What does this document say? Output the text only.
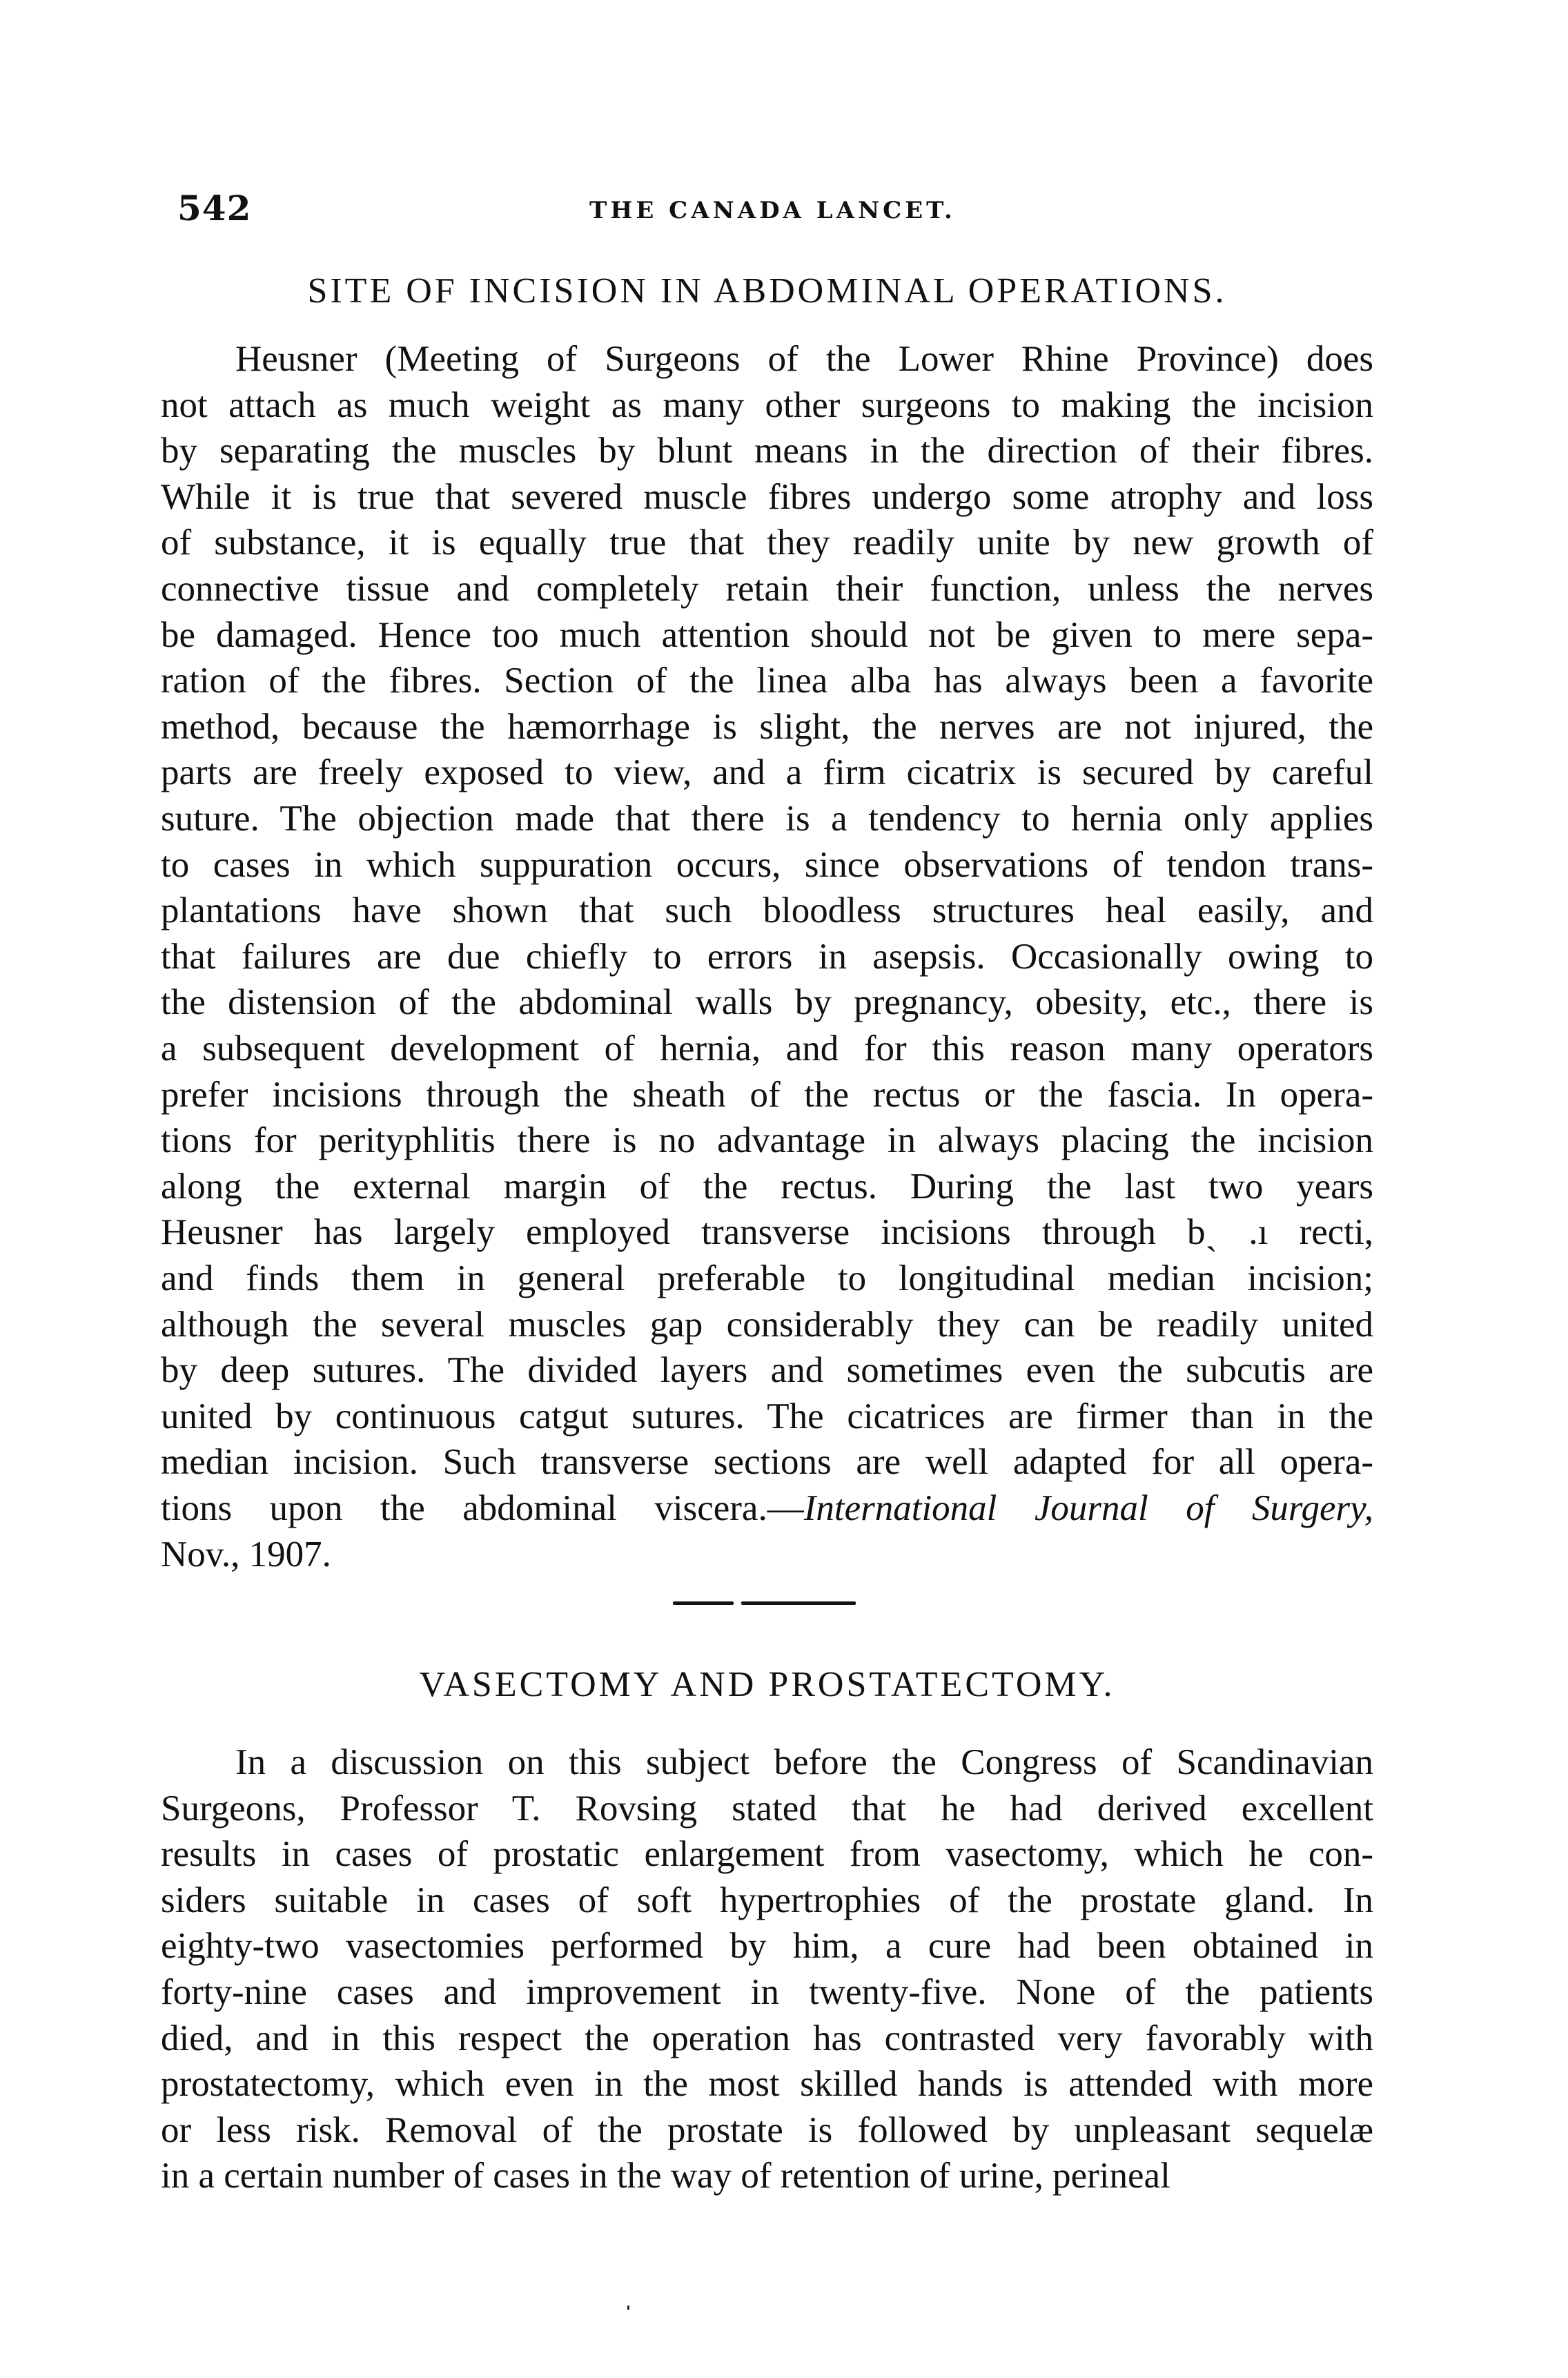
542	THE CANADA LANCET.
SITE OF INCISION IN ABDOMINAL OPERATIONS.
Heusner (Meeting of Surgeons of the Lower Rhine Province) does
not attach as much weight as many other surgeons to making the incision
by separating the muscles by blunt means in the direction of their fibres.
While it is true that severed muscle fibres undergo some atrophy and loss
of substance, it is equally true that they readily unite by new growth of
connective tissue and completely retain their function, unless the nerves
be damaged. Hence too much attention should not be given to mere sepa-
ration of the fibres. Section of the linea alba has always been a favorite
method, because the hæmorrhage is slight, the nerves are not injured, the
parts are freely exposed to view, and a firm cicatrix is secured by careful
suture. The objection made that there is a tendency to hernia only applies
to cases in which suppuration occurs, since observations of tendon trans-
plantations have shown that such bloodless structures heal easily, and
that failures are due chiefly to errors in asepsis. Occasionally owing to
the distension of the abdominal walls by pregnancy, obesity, etc., there is
a subsequent development of hernia, and for this reason many operators
prefer incisions through the sheath of the rectus or the fascia. In opera-
tions for perityphlitis there is no advantage in always placing the incision
along the external margin of the rectus. During the last two years
Heusner has largely employed transverse incisions through bˎ .ı recti,
and finds them in general preferable to longitudinal median incision;
although the several muscles gap considerably they can be readily united
by deep sutures. The divided layers and sometimes even the subcutis are
united by continuous catgut sutures. The cicatrices are firmer than in the
median incision. Such transverse sections are well adapted for all opera-
tions upon the abdominal viscera.—International Journal of Surgery,
Nov., 1907.
VASECTOMY AND PROSTATECTOMY.
In a discussion on this subject before the Congress of Scandinavian
Surgeons, Professor T. Rovsing stated that he had derived excellent
results in cases of prostatic enlargement from vasectomy, which he con-
siders suitable in cases of soft hypertrophies of the prostate gland. In
eighty-two vasectomies performed by him, a cure had been obtained in
forty-nine cases and improvement in twenty-five. None of the patients
died, and in this respect the operation has contrasted very favorably with
prostatectomy, which even in the most skilled hands is attended with more
or less risk. Removal of the prostate is followed by unpleasant sequelæ
in a certain number of cases in the way of retention of urine, perineal
